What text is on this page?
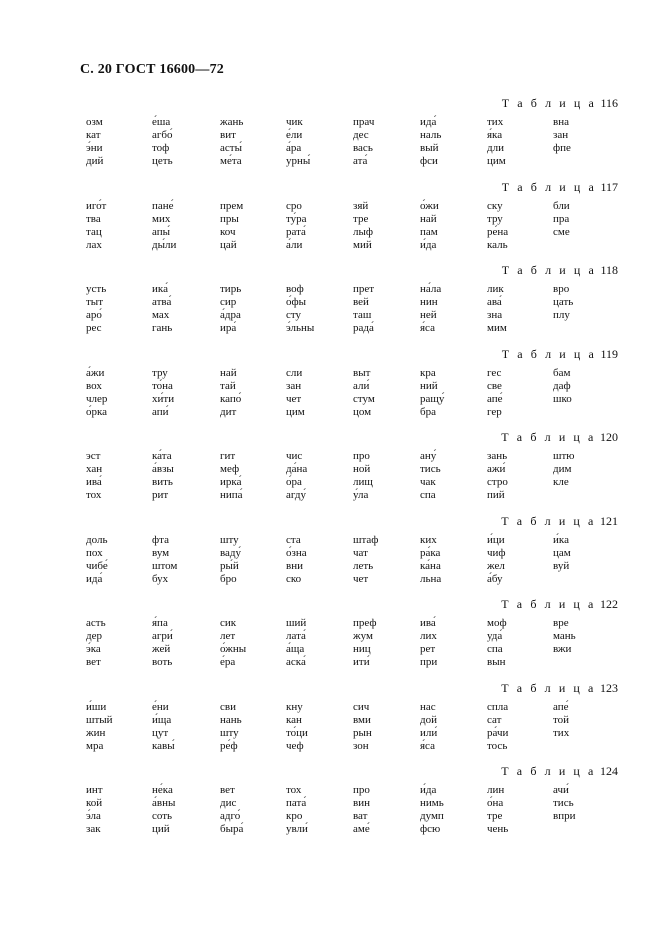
С. 20 ГОСТ 16600—72
Т а б л и ц а 116
озм
кат
э́ни
дий
е́ша
агбо́
тоф
цеть
жань
вит
асты́
ме́та
чик
е́ли
а́ра
урны́
прач
дес
вась
ата́
ида́
наль
вый
фси
тих
я́ка
дли
цим
вна
зан
фпе
Т а б л и ц а 117
иго́т
тва
тац
лах
пане́
мих
апы́
ды́ли
прем
пры
коч
цай
сро
ту́ра
рата́
а́ли
зяй
тре
лыф
мий
о́жи
най
пам
и́да
ску
тру
ре́на
каль
бли
пра
сме
Т а б л и ц а 118
усть
тыт
аро́
рес
ика́
атва́
мах
гань
тирь
сир
а́дра
ира́
воф
о́фы
сту
э́льны
прет
вей
таш
рада́
на́ла
нин
ней
я́са
лик
ава́
зна
мим
вро
цать
плу
Т а б л и ц а 119
а́жи
вох
члер
о́рка
тру
то́на
хи́ти
апи́
най
тай
капо́
дит
сли
зан
чет
цим
выт
али́
стум
цом
кра
ний
ращу́
бра
гес
све
апе́
гер
бам
даф
шко
Т а б л и ц а 120
эст
хан
ива́
тох
ка́та
а́взы
вить
рит
гит
меф
ирка́
нипа́
чис
да́на
о́ра
агду́
про
ной
лищ
у́ла
ану́
тись
чак
спа
зань
ажи́
стро
пий
штю
дим
кле
Т а б л и ц а 121
доль
пох
чибе́
ида́
фта
вум
штом
бух
шту
ваду́
ры́й
бро
ста
о́зна
вни
ско
штаф
чат
леть
чет
ких
ра́ка
ка́на
льна
и́ци
чиф
жел
а́бу
и́ка
цам
вуй
Т а б л и ц а 122
асть
дер
э́ка
вет
я́па
агри́
жей
воть
сик
лет
о́жны
е́ра
ший
лата́
а́ща
аска́
преф
жум
ниц
ити́
ива́
лих
рет
при
моф
уда́
спа
вын
вре
мань
вжи
Т а б л и ц а 123
и́ши
штый
жин
мра
е́ни
и́ща
цут
кавы́
сви
нань
шту
ре́ф
кну
кан
то́ци
чеф
сич
вми
рын
зон
нас
дой
или́
я́са
спла
сат
ра́чи
тось
апе́
той
тих
Т а б л и ц а 124
инт
кой
э́ла
зак
не́ка
а́вны
соть
ций
вет
дис
адго́
быра́
тох
пата́
кро
увли́
про
вин
ват
аме́
и́да
нимь
думп
фсю
лин
о́на
тре
чень
ачи́
тись
впри
